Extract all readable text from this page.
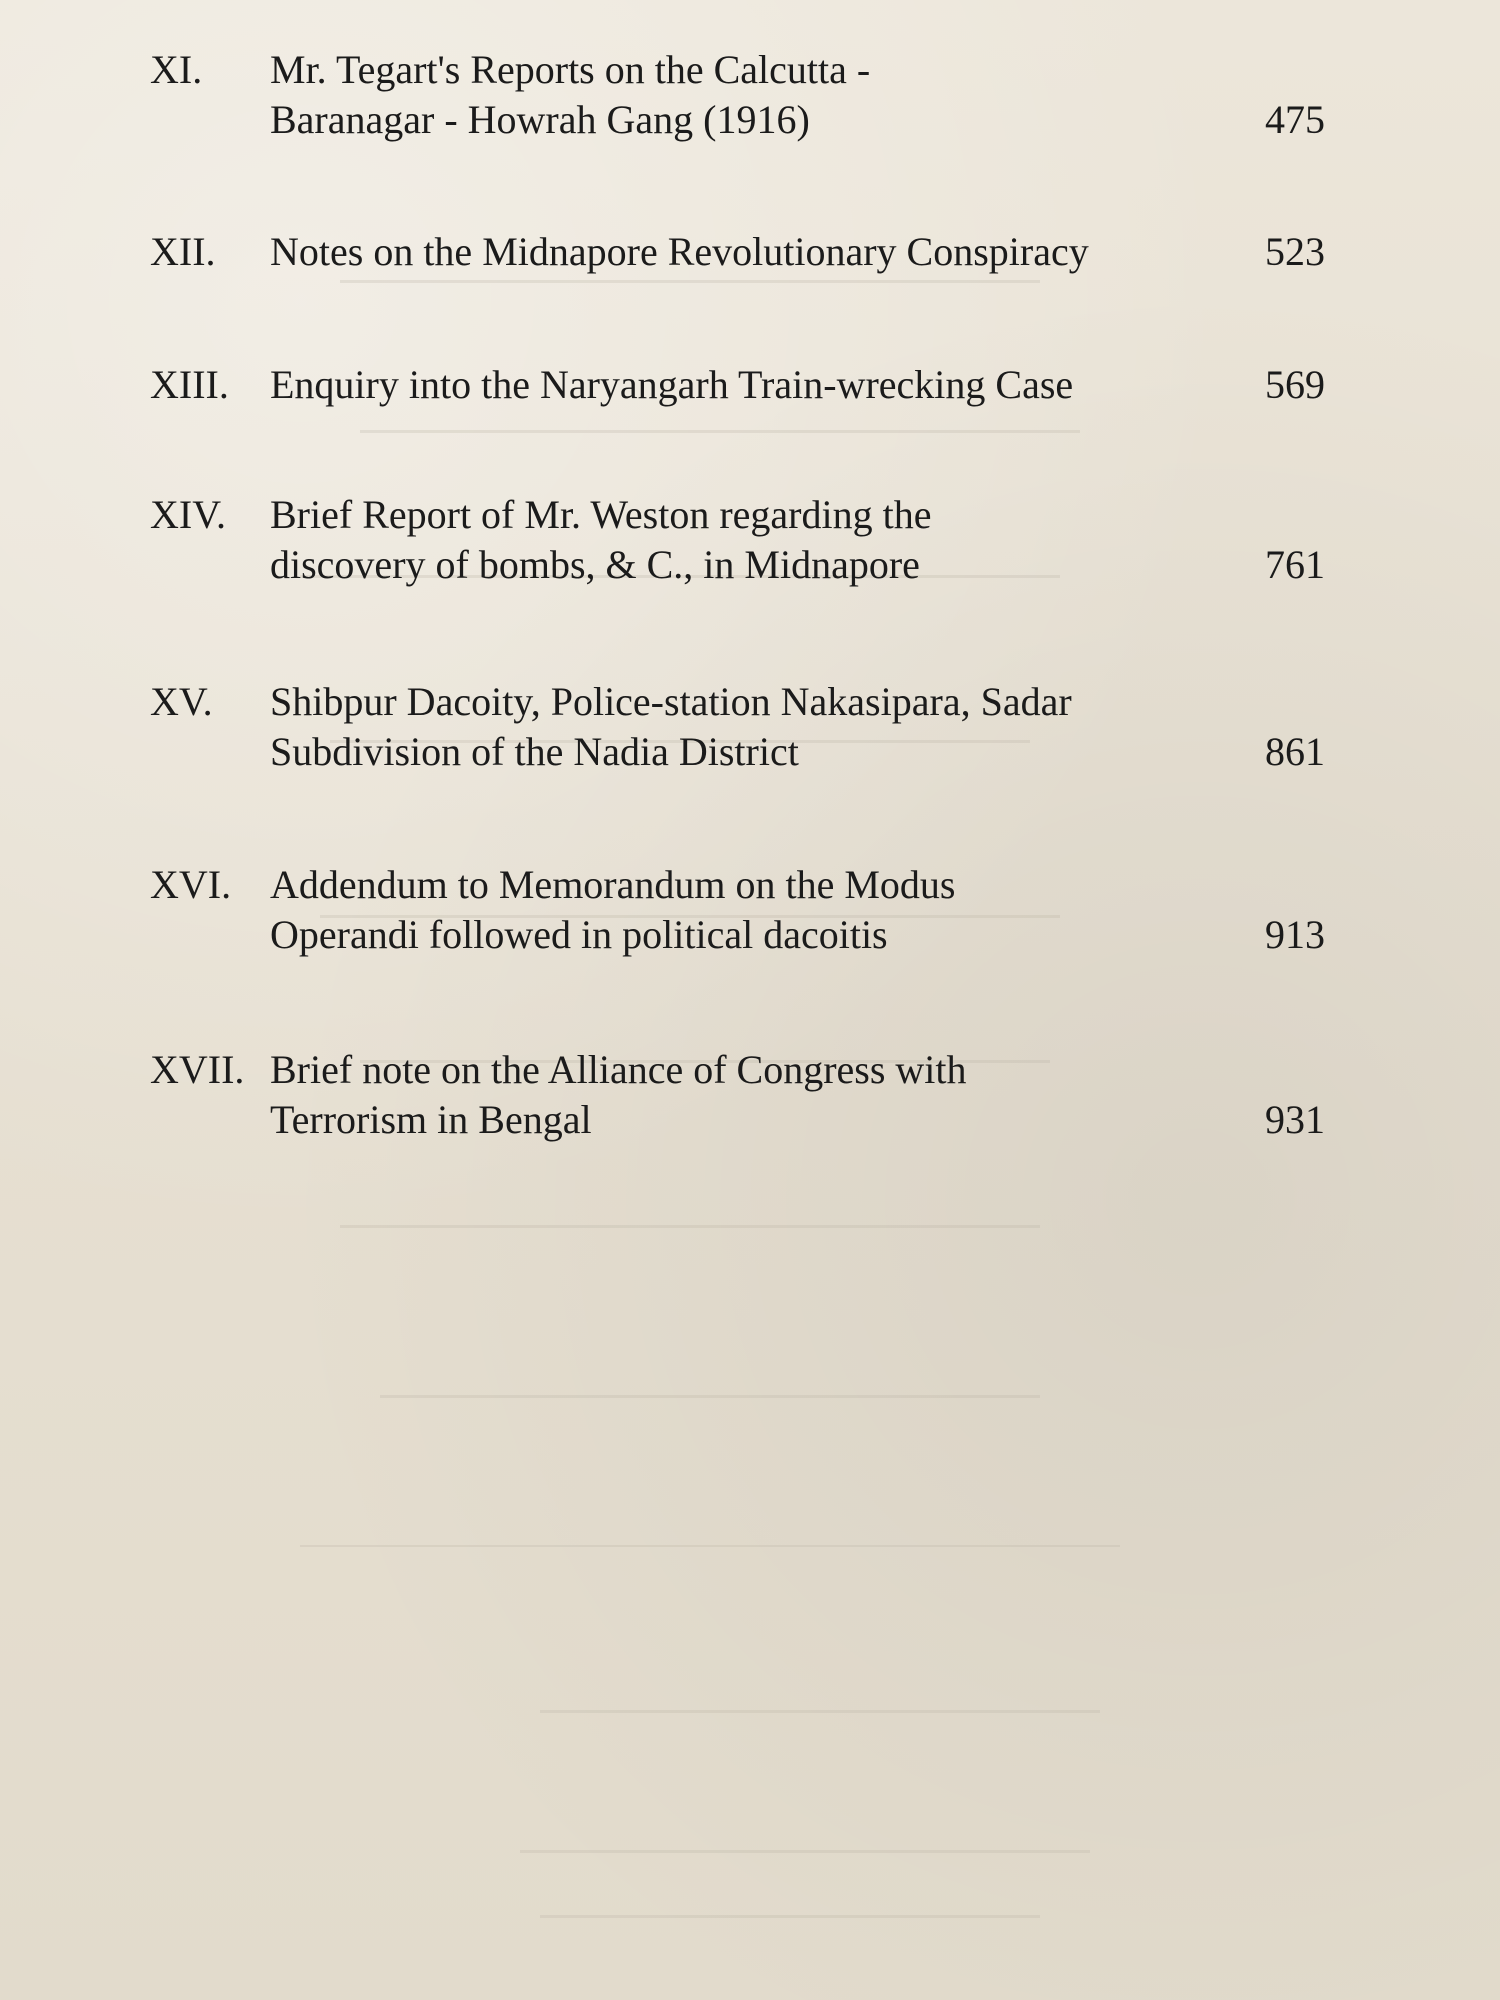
XI. Mr. Tegart's Reports on the Calcutta -
Baranagar - Howrah Gang (1916)	475
XII. Notes on the Midnapore Revolutionary Conspiracy	523
XIII. Enquiry into the Naryangarh Train-wrecking Case	569
XIV. Brief Report of Mr. Weston regarding the
discovery of bombs, & C., in Midnapore	761
XV. Shibpur Dacoity, Police-station Nakasipara, Sadar
Subdivision of the Nadia District	861
XVI. Addendum to Memorandum on the Modus
Operandi followed in political dacoitis	913
XVII. Brief note on the Alliance of Congress with
Terrorism in Bengal	931
